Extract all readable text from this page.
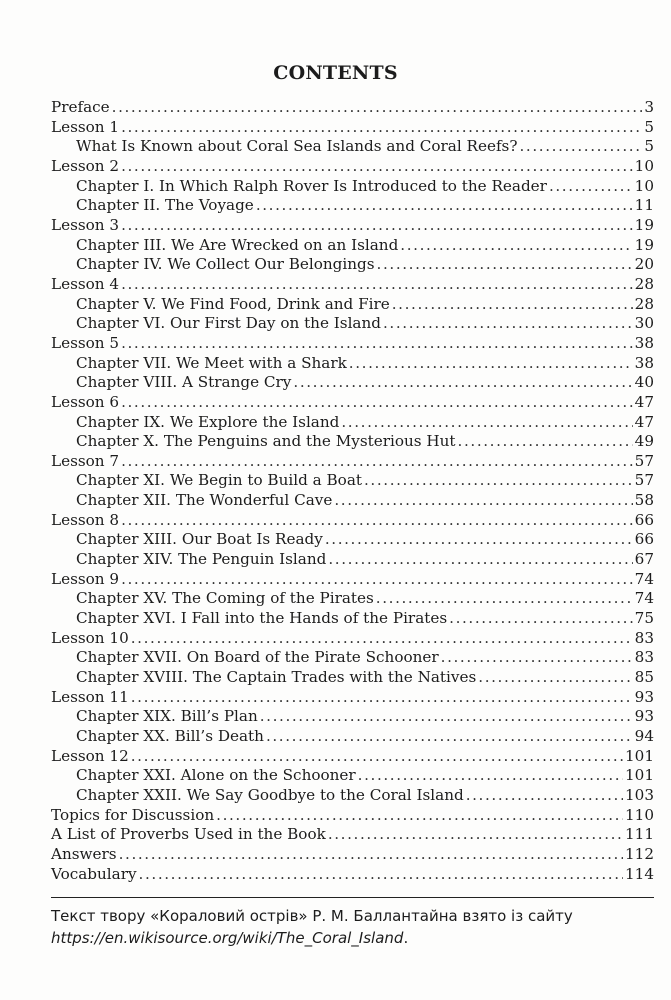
CONTENTS
Preface .....	3
Lesson 1 .....	5
What Is Known about Coral Sea Islands and Coral Reefs? .....	5
Lesson 2 .....	10
Chapter I. In Which Ralph Rover Is Introduced to the Reader .....	10
Chapter II. The Voyage .....	11
Lesson 3 .....	19
Chapter III. We Are Wrecked on an Island .....	19
Chapter IV. We Collect Our Belongings .....	20
Lesson 4 .....	28
Chapter V. We Find Food, Drink and Fire .....	28
Chapter VI. Our First Day on the Island .....	30
Lesson 5 .....	38
Chapter VII. We Meet with a Shark .....	38
Chapter VIII. A Strange Cry .....	40
Lesson 6 .....	47
Chapter IX. We Explore the Island .....	47
Chapter X. The Penguins and the Mysterious Hut .....	49
Lesson 7 .....	57
Chapter XI. We Begin to Build a Boat .....	57
Chapter XII. The Wonderful Cave .....	58
Lesson 8 .....	66
Chapter XIII. Our Boat Is Ready .....	66
Chapter XIV. The Penguin Island .....	67
Lesson 9 .....	74
Chapter XV. The Coming of the Pirates .....	74
Chapter XVI. I Fall into the Hands of the Pirates .....	75
Lesson 10 .....	83
Chapter XVII. On Board of the Pirate Schooner .....	83
Chapter XVIII. The Captain Trades with the Natives .....	85
Lesson 11 .....	93
Chapter XIX. Bill’s Plan .....	93
Chapter XX. Bill’s Death .....	94
Lesson 12 .....	101
Chapter XXI. Alone on the Schooner .....	101
Chapter XXII. We Say Goodbye to the Coral Island .....	103
Topics for Discussion .....	110
A List of Proverbs Used in the Book .....	111
Answers .....	112
Vocabulary .....	114
Текст твору «Кораловий острів» Р. М. Баллантайна взято із сайту https://en.wikisource.org/wiki/The_Coral_Island.
